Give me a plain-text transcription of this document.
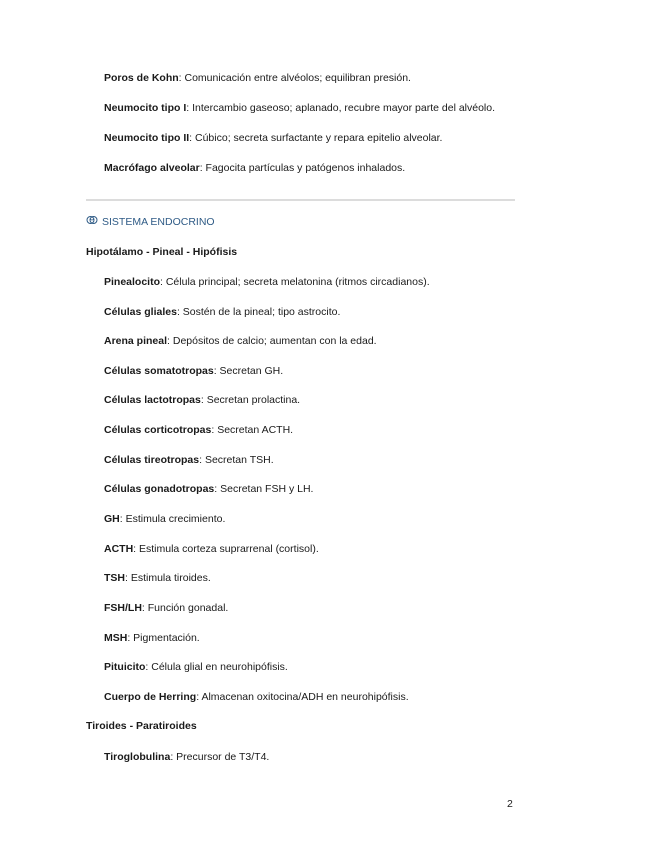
Poros de Kohn: Comunicación entre alvéolos; equilibran presión.
Neumocito tipo I: Intercambio gaseoso; aplanado, recubre mayor parte del alvéolo.
Neumocito tipo II: Cúbico; secreta surfactante y repara epitelio alveolar.
Macrófago alveolar: Fagocita partículas y patógenos inhalados.
SISTEMA ENDOCRINO
Hipotálamo - Pineal - Hipófisis
Pinealocito: Célula principal; secreta melatonina (ritmos circadianos).
Células gliales: Sostén de la pineal; tipo astrocito.
Arena pineal: Depósitos de calcio; aumentan con la edad.
Células somatotropas: Secretan GH.
Células lactotropas: Secretan prolactina.
Células corticotropas: Secretan ACTH.
Células tireotropas: Secretan TSH.
Células gonadotropas: Secretan FSH y LH.
GH: Estimula crecimiento.
ACTH: Estimula corteza suprarrenal (cortisol).
TSH: Estimula tiroides.
FSH/LH: Función gonadal.
MSH: Pigmentación.
Pituicito: Célula glial en neurohipófisis.
Cuerpo de Herring: Almacenan oxitocina/ADH en neurohipófisis.
Tiroides - Paratiroides
Tiroglobulina: Precursor de T3/T4.
2
